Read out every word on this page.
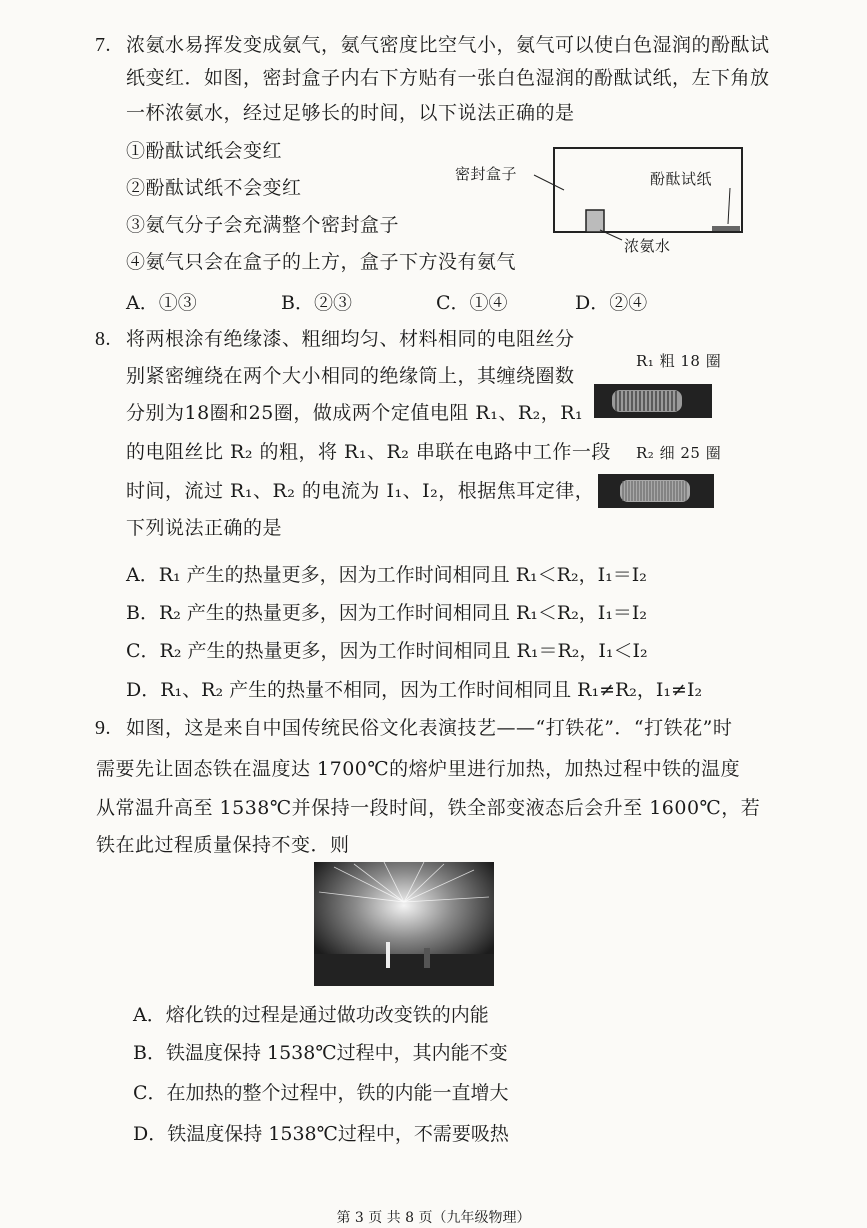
7. 浓氨水易挥发变成氨气，氨气密度比空气小，氨气可以使白色湿润的酚酞试
纸变红．如图，密封盒子内右下方贴有一张白色湿润的酚酞试纸，左下角放
一杯浓氨水，经过足够长的时间，以下说法正确的是
①酚酞试纸会变红
②酚酞试纸不会变红
③氨气分子会充满整个密封盒子
④氨气只会在盒子的上方，盒子下方没有氨气
密封盒子	酚酞试纸
浓氨水
A．①③	B．②③	C．①④	D．②④
8. 将两根涂有绝缘漆、粗细均匀、材料相同的电阻丝分
别紧密缠绕在两个大小相同的绝缘筒上，其缠绕圈数
分别为18圈和25圈，做成两个定值电阻 R₁、R₂，R₁
的电阻丝比 R₂ 的粗，将 R₁、R₂ 串联在电路中工作一段
时间，流过 R₁、R₂ 的电流为 I₁、I₂，根据焦耳定律，
下列说法正确的是
R₁ 粗 18 圈
R₂ 细 25 圈
A．R₁ 产生的热量更多，因为工作时间相同且 R₁＜R₂，I₁＝I₂
B．R₂ 产生的热量更多，因为工作时间相同且 R₁＜R₂，I₁＝I₂
C．R₂ 产生的热量更多，因为工作时间相同且 R₁＝R₂，I₁＜I₂
D．R₁、R₂ 产生的热量不相同，因为工作时间相同且 R₁≠R₂，I₁≠I₂
9. 如图，这是来自中国传统民俗文化表演技艺——“打铁花”．“打铁花”时
需要先让固态铁在温度达 1700℃的熔炉里进行加热，加热过程中铁的温度
从常温升高至 1538℃并保持一段时间，铁全部变液态后会升至 1600℃，若
铁在此过程质量保持不变．则
A．熔化铁的过程是通过做功改变铁的内能
B．铁温度保持 1538℃过程中，其内能不变
C．在加热的整个过程中，铁的内能一直增大
D．铁温度保持 1538℃过程中，不需要吸热
第 3 页 共 8 页（九年级物理）
